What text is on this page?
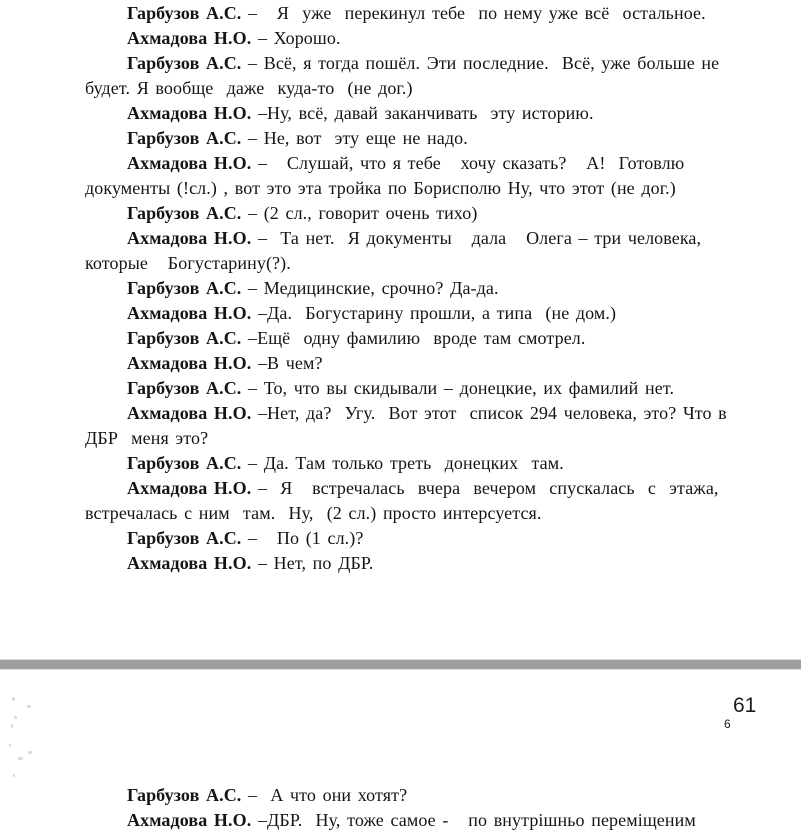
Гарбузов А.С. –   Я  уже  перекинул тебе  по нему уже всё  остальное.
Ахмадова Н.О. – Хорошо.
Гарбузов А.С. – Всё, я тогда пошёл. Эти последние.  Всё, уже больше не
будет. Я вообще  даже  куда-то  (не дог.)
Ахмадова Н.О. –Ну, всё, давай заканчивать  эту историю.
Гарбузов А.С. – Не, вот  эту еще не надо.
Ахмадова Н.О. –   Слушай, что я тебе   хочу сказать?   А!  Готовлю
документы (!сл.) , вот это эта тройка по Борисполю Ну, что этот (не дог.)
Гарбузов А.С. – (2 сл., говорит очень тихо)
Ахмадова Н.О. –  Та нет.  Я документы   дала   Олега – три человека,
которые   Богустарину(?).
Гарбузов А.С. – Медицинские, срочно? Да-да.
Ахмадова Н.О. –Да.  Богустарину прошли, а типа  (не дом.)
Гарбузов А.С. –Ещё  одну фамилию  вроде там смотрел.
Ахмадова Н.О. –В чем?
Гарбузов А.С. – То, что вы скидывали – донецкие, их фамилий нет.
Ахмадова Н.О. –Нет, да?  Угу.  Вот этот  список 294 человека, это? Что в
ДБР  меня это?
Гарбузов А.С. – Да. Там только треть  донецких  там.
Ахмадова Н.О. –  Я   встречалась  вчера  вечером  спускалась  с  этажа,
встречалась с ним  там.  Ну,  (2 сл.) просто интерсуется.
Гарбузов А.С. –   По (1 сл.)?
Ахмадова Н.О. – Нет, по ДБР.
61
6
Гарбузов А.С. –  А что они хотят?
Ахмадова Н.О. –ДБР.  Ну, тоже самое -   по внутрішньо переміщеним
